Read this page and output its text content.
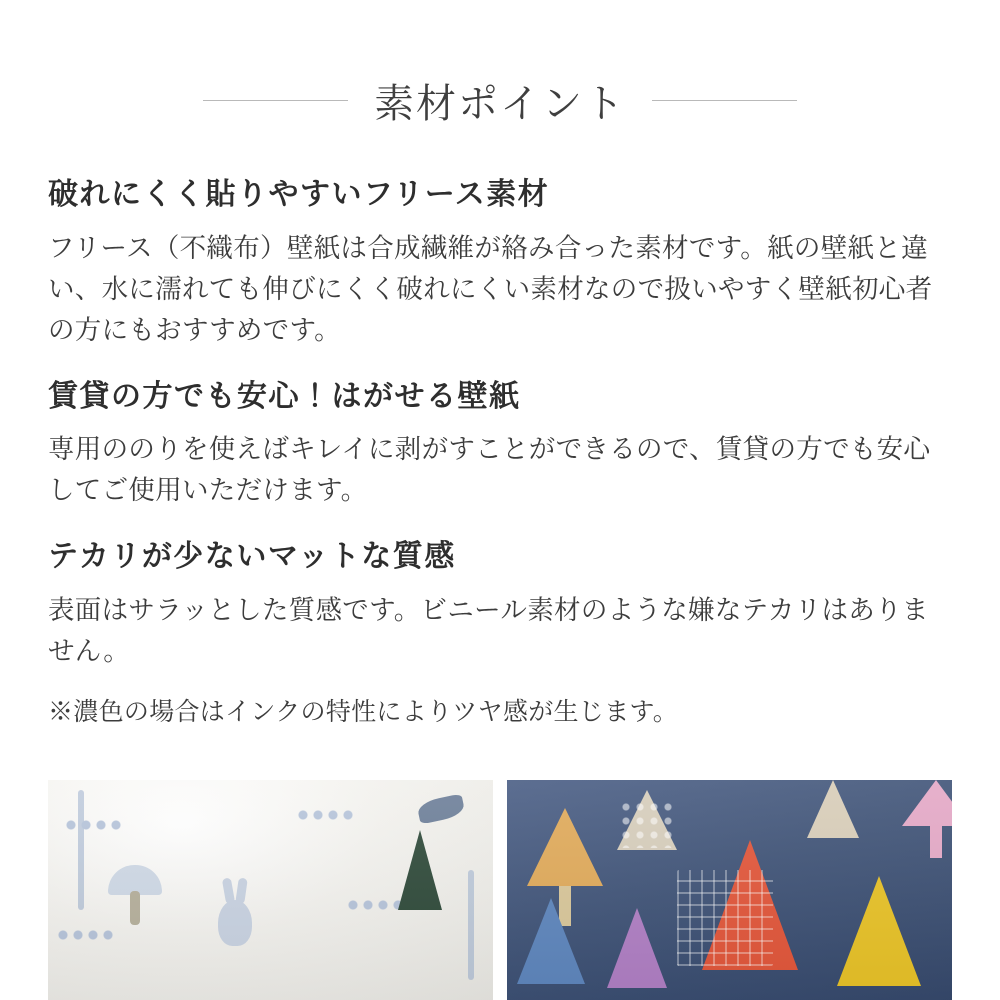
素材ポイント
破れにくく貼りやすいフリース素材

フリース（不織布）壁紙は合成繊維が絡み合った素材です。紙の壁紙と違い、水に濡れても伸びにくく破れにくい素材なので扱いやすく壁紙初心者の方にもおすすめです。

賃貸の方でも安心！はがせる壁紙

専用ののりを使えばキレイに剥がすことができるので、賃貸の方でも安心してご使用いただけます。

テカリが少ないマットな質感

表面はサラッとした質感です。ビニール素材のような嫌なテカリはありません。

※濃色の場合はインクの特性によりツヤ感が生じます。
